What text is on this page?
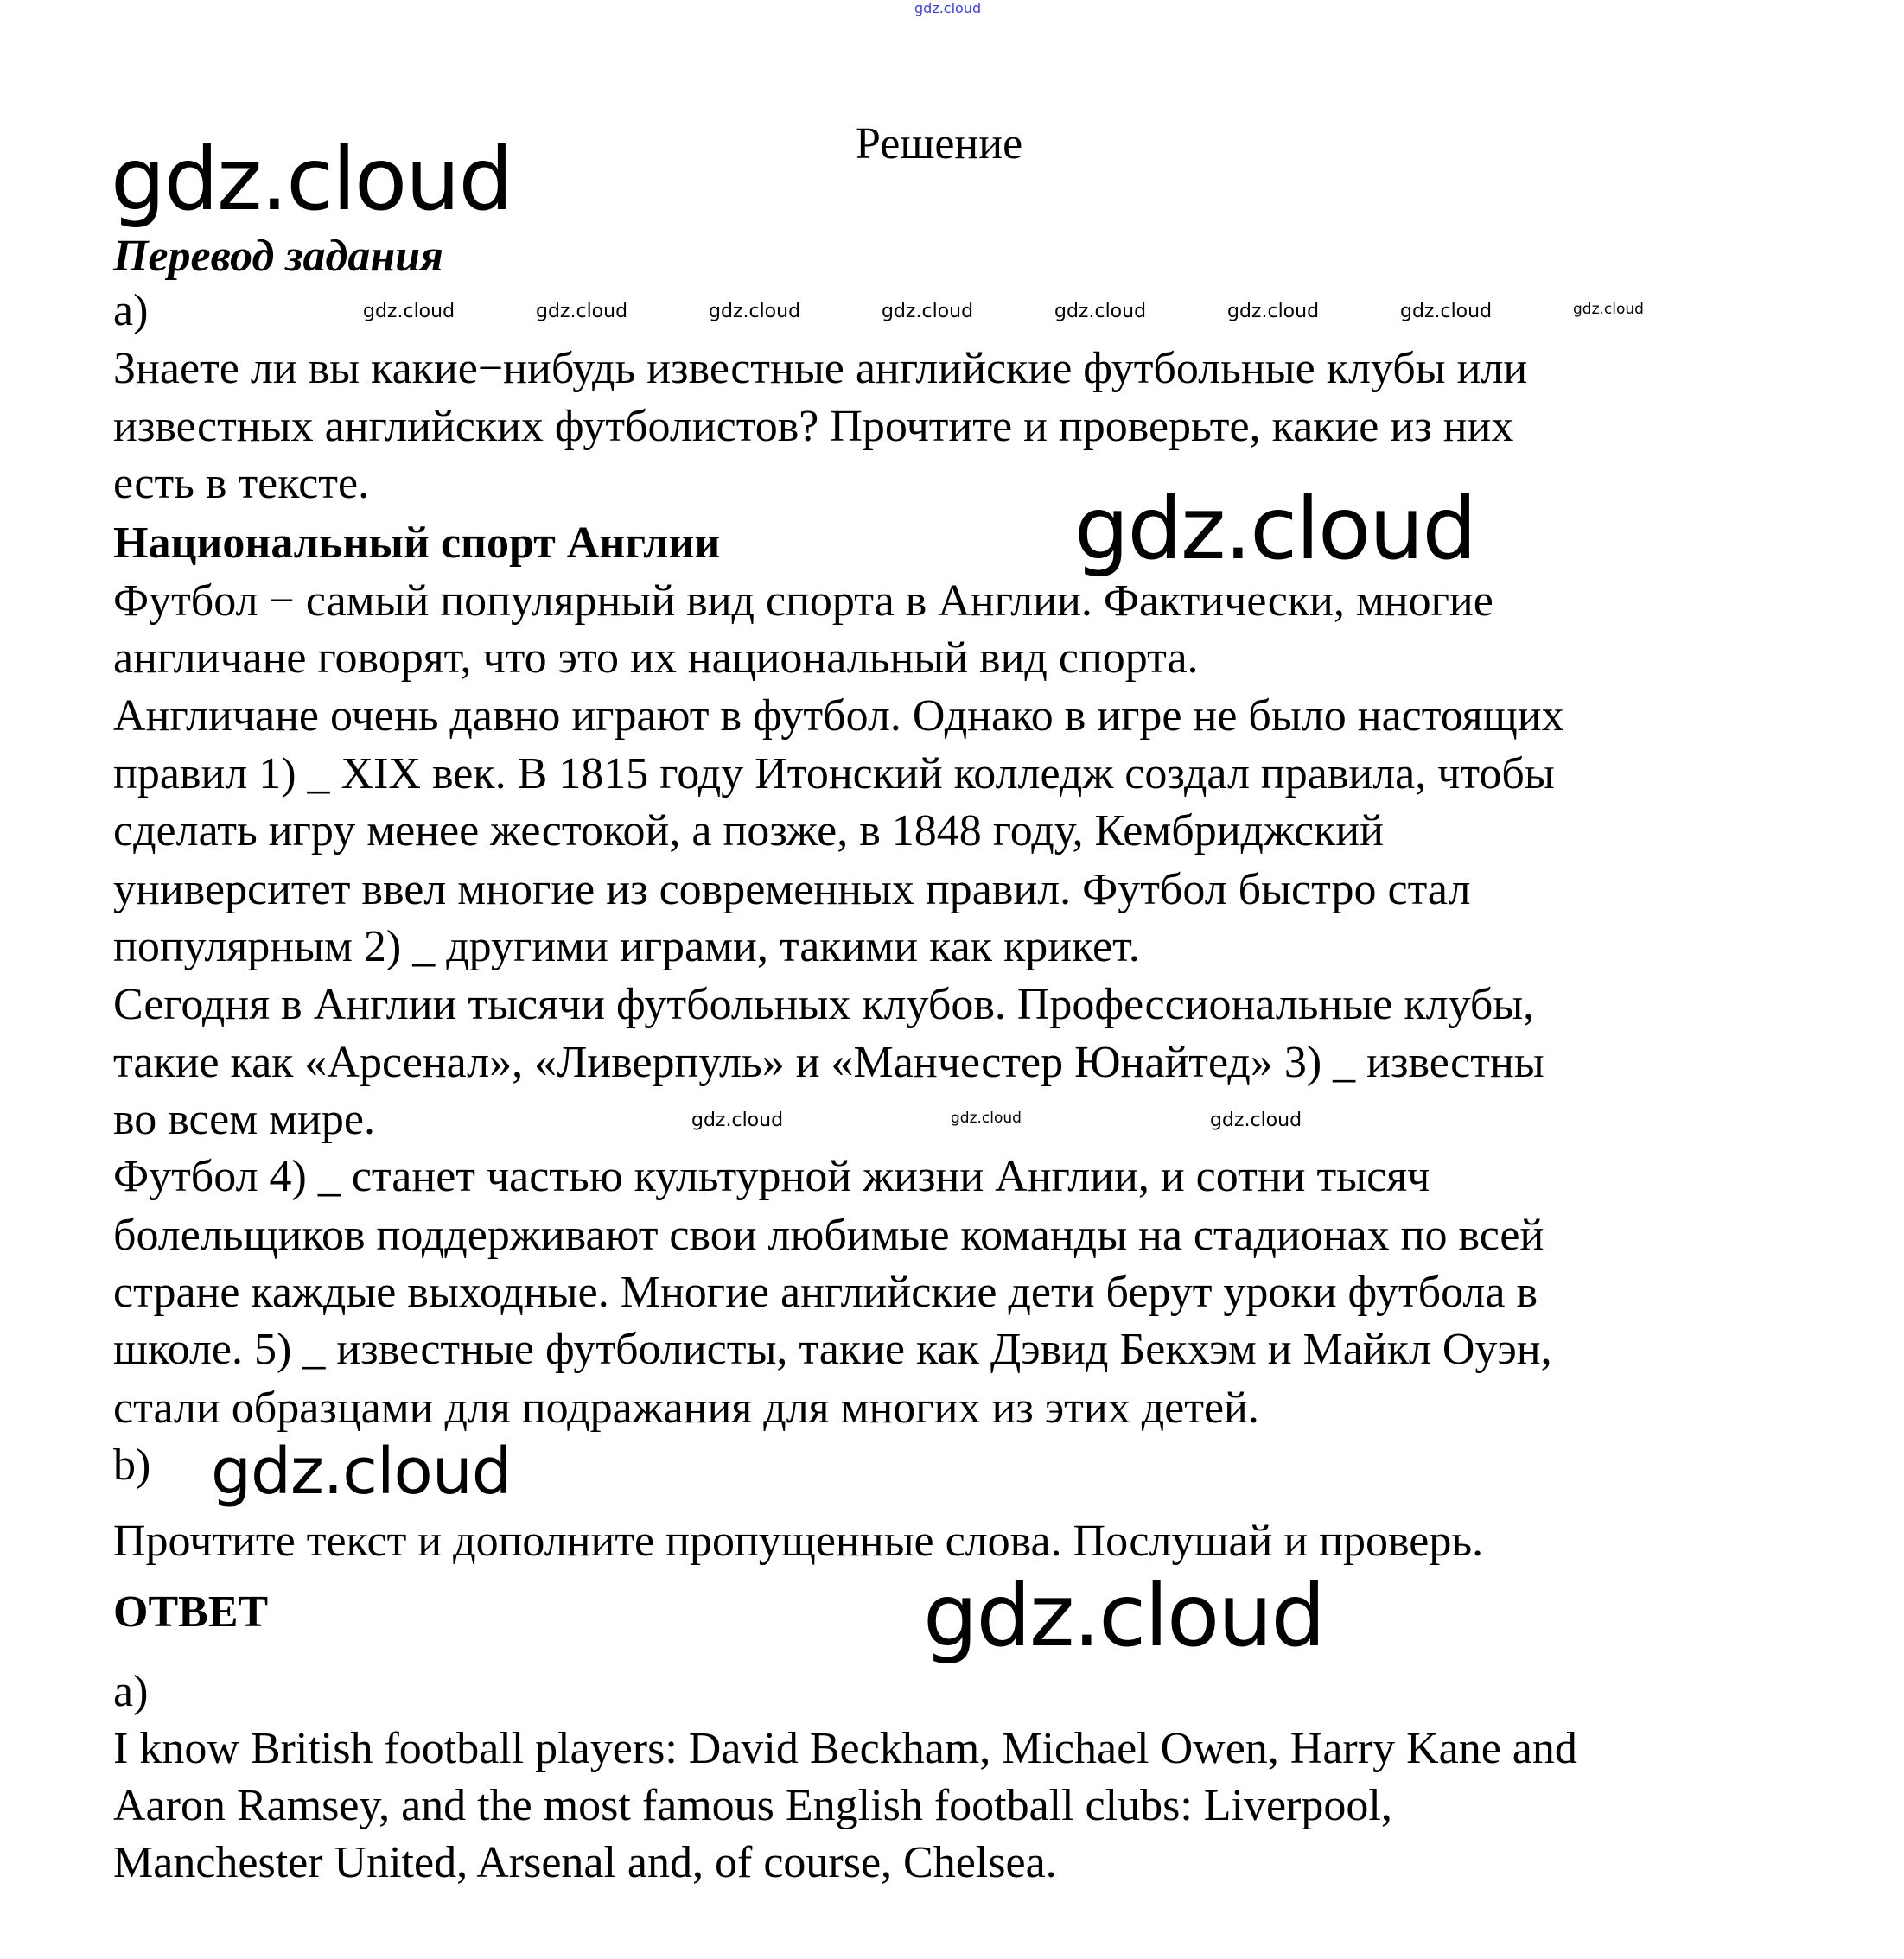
gdz.cloud
Решение
gdz.cloud
Перевод задания
a)	gdz.cloud	gdz.cloud	gdz.cloud	gdz.cloud	gdz.cloud	gdz.cloud	gdz.cloud	gdz.cloud
Знаете ли вы какие−нибудь известные английские футбольные клубы или
известных английских футболистов? Прочтите и проверьте, какие из них
есть в тексте.
Национальный спорт Англии	gdz.cloud
Футбол − самый популярный вид спорта в Англии. Фактически, многие
англичане говорят, что это их национальный вид спорта.
Англичане очень давно играют в футбол. Однако в игре не было настоящих
правил 1) _ XIX век. В 1815 году Итонский колледж создал правила, чтобы
сделать игру менее жестокой, а позже, в 1848 году, Кембриджский
университет ввел многие из современных правил. Футбол быстро стал
популярным 2) _ другими играми, такими как крикет.
Сегодня в Англии тысячи футбольных клубов. Профессиональные клубы,
такие как «Арсенал», «Ливерпуль» и «Манчестер Юнайтед» 3) _ известны
во всем мире.	gdz.cloud	gdz.cloud	gdz.cloud
Футбол 4) _ станет частью культурной жизни Англии, и сотни тысяч
болельщиков поддерживают свои любимые команды на стадионах по всей
стране каждые выходные. Многие английские дети берут уроки футбола в
школе. 5) _ известные футболисты, такие как Дэвид Бекхэм и Майкл Оуэн,
стали образцами для подражания для многих из этих детей.
b) gdz.cloud
Прочтите текст и дополните пропущенные слова. Послушай и проверь.
ОТВЕТ	gdz.cloud
a)
I know British football players: David Beckham, Michael Owen, Harry Kane and
Aaron Ramsey, and the most famous English football clubs: Liverpool,
Manchester United, Arsenal and, of course, Chelsea.
